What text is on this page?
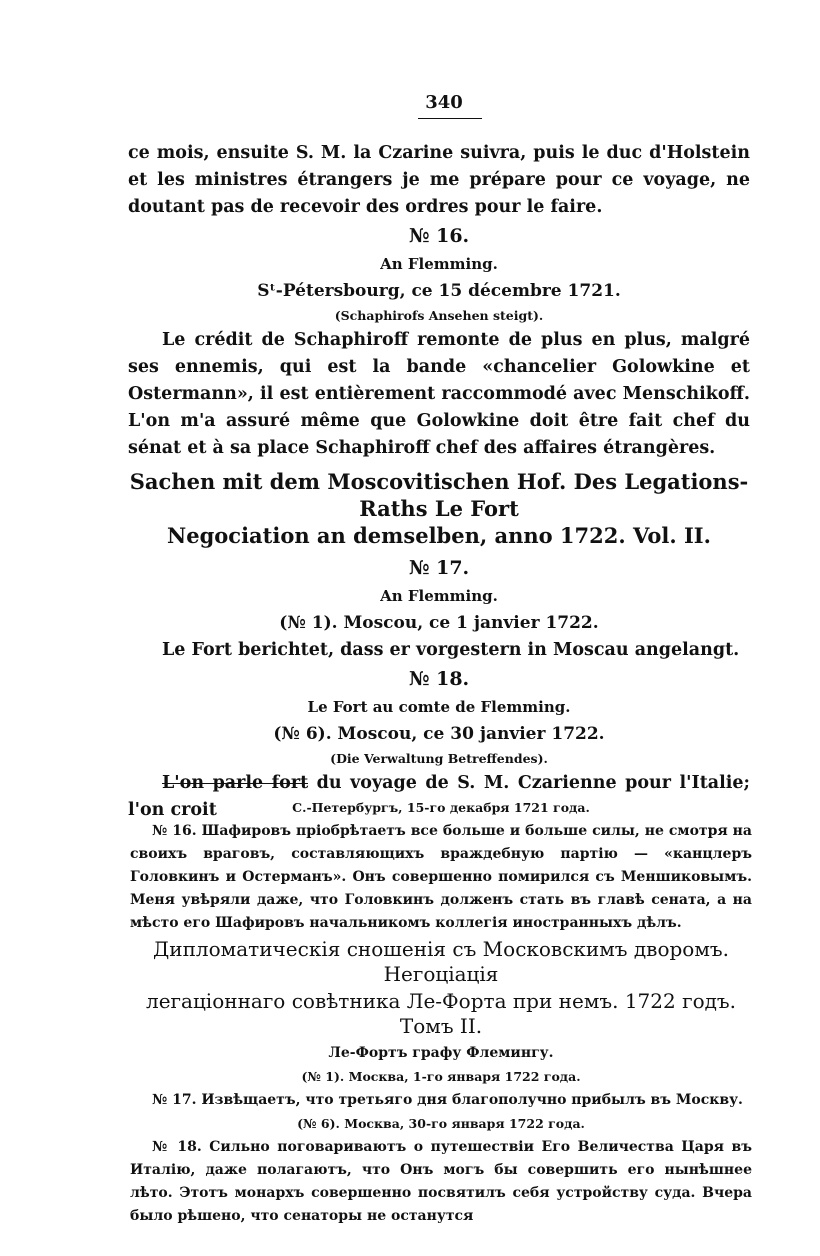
340

ce mois, ensuite S. M. la Czarine suivra, puis le duc d'Holstein et les ministres étrangers je me prépare pour ce voyage, ne doutant pas de recevoir des ordres pour le faire.

№ 16.

An Flemming.

Sᵗ-Pétersbourg, ce 15 décembre 1721.

(Schaphirofs Ansehen steigt).

Le crédit de Schaphiroff remonte de plus en plus, malgré ses ennemis, qui est la bande «chancelier Golowkine et Ostermann», il est entièrement raccommodé avec Menschikoff. L'on m'a assuré même que Golowkine doit être fait chef du sénat et à sa place Schaphiroff chef des affaires étrangères.

Sachen mit dem Moscovitischen Hof. Des Legations-Raths Le Fort

Negociation an demselben, anno 1722. Vol. II.

№ 17.

An Flemming.

(№ 1). Moscou, ce 1 janvier 1722.

Le Fort berichtet, dass er vorgestern in Moscau angelangt.

№ 18.

Le Fort au comte de Flemming.

(№ 6). Moscou, ce 30 janvier 1722.

(Die Verwaltung Betreffendes).

L'on parle fort du voyage de S. M. Czarienne pour l'Italie; l'on croit	С.-Петербургъ, 15-го декабря 1721 года.

№ 16. Шафировъ пріобрѣтаетъ все больше и больше силы, не смотря на своихъ враговъ, составляющихъ враждебную партію — «канцлеръ Головкинъ и Остерманъ». Онъ совершенно помирился съ Меншиковымъ. Меня увѣряли даже, что Головкинъ долженъ стать въ главѣ сената, а на мѣсто его Шафировъ начальникомъ коллегія иностранныхъ дѣлъ.

Дипломатическія сношенія съ Московскимъ дворомъ. Негоціація

легаціоннаго совѣтника Ле-Форта при немъ. 1722 годъ. Томъ II.

Ле-Фортъ графу Флемингу.

(№ 1). Москва, 1-го января 1722 года.

№ 17. Извѣщаетъ, что третьяго дня благополучно прибылъ въ Москву.

(№ 6). Москва, 30-го января 1722 года.

№ 18. Сильно поговариваютъ о путешествіи Его Величества Царя въ Италію, даже полагаютъ, что Онъ могъ бы совершить его нынѣшнее лѣто. Этотъ монархъ совершенно посвятилъ себя устройству суда. Вчера было рѣшено, что сенаторы не останутся
